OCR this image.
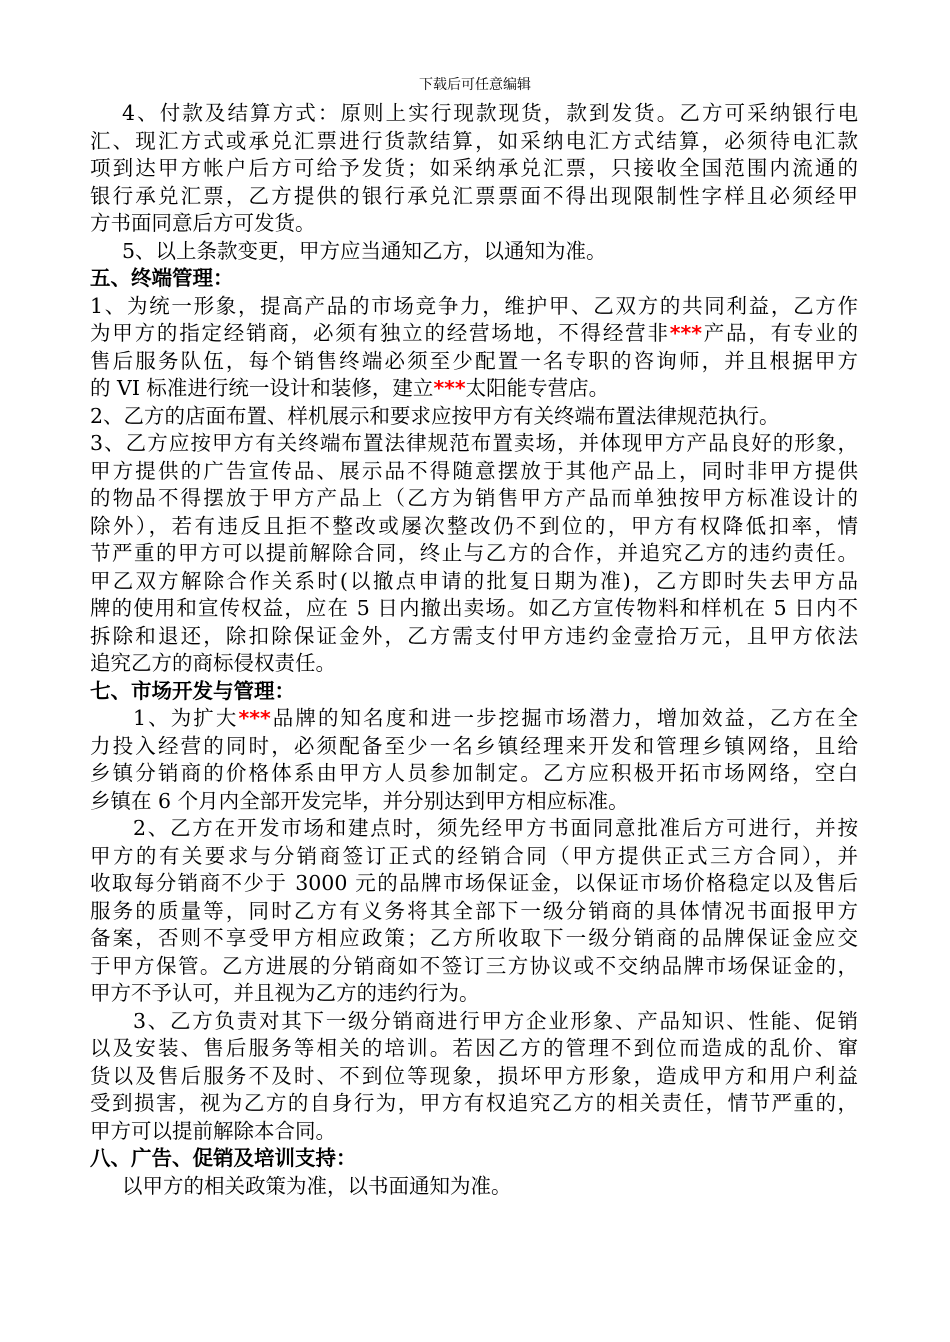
下载后可任意编辑
4、付款及结算方式：原则上实行现款现货，款到发货。乙方可采纳银行电
汇、现汇方式或承兑汇票进行货款结算，如采纳电汇方式结算，必须待电汇款
项到达甲方帐户后方可给予发货；如采纳承兑汇票，只接收全国范围内流通的
银行承兑汇票，乙方提供的银行承兑汇票票面不得出现限制性字样且必须经甲
方书面同意后方可发货。
5、以上条款变更，甲方应当通知乙方，以通知为准。
五、终端管理：
1、为统一形象，提高产品的市场竞争力，维护甲、乙双方的共同利益，乙方作
为甲方的指定经销商，必须有独立的经营场地，不得经营非***产品，有专业的
售后服务队伍，每个销售终端必须至少配置一名专职的咨询师，并且根据甲方
的 VI 标准进行统一设计和装修，建立***太阳能专营店。
2、乙方的店面布置、样机展示和要求应按甲方有关终端布置法律规范执行。
3、乙方应按甲方有关终端布置法律规范布置卖场，并体现甲方产品良好的形象，
甲方提供的广告宣传品、展示品不得随意摆放于其他产品上，同时非甲方提供
的物品不得摆放于甲方产品上（乙方为销售甲方产品而单独按甲方标准设计的
除外），若有违反且拒不整改或屡次整改仍不到位的，甲方有权降低扣率，情
节严重的甲方可以提前解除合同，终止与乙方的合作，并追究乙方的违约责任。
甲乙双方解除合作关系时(以撤点申请的批复日期为准)，乙方即时失去甲方品
牌的使用和宣传权益，应在 5 日内撤出卖场。如乙方宣传物料和样机在 5 日内不
拆除和退还，除扣除保证金外，乙方需支付甲方违约金壹拾万元，且甲方依法
追究乙方的商标侵权责任。
七、市场开发与管理：
1、为扩大***品牌的知名度和进一步挖掘市场潜力，增加效益，乙方在全
力投入经营的同时，必须配备至少一名乡镇经理来开发和管理乡镇网络，且给
乡镇分销商的价格体系由甲方人员参加制定。乙方应积极开拓市场网络，空白
乡镇在 6 个月内全部开发完毕，并分别达到甲方相应标准。
2、乙方在开发市场和建点时，须先经甲方书面同意批准后方可进行，并按
甲方的有关要求与分销商签订正式的经销合同（甲方提供正式三方合同），并
收取每分销商不少于 3000 元的品牌市场保证金，以保证市场价格稳定以及售后
服务的质量等，同时乙方有义务将其全部下一级分销商的具体情况书面报甲方
备案，否则不享受甲方相应政策；乙方所收取下一级分销商的品牌保证金应交
于甲方保管。乙方进展的分销商如不签订三方协议或不交纳品牌市场保证金的，
甲方不予认可，并且视为乙方的违约行为。
3、乙方负责对其下一级分销商进行甲方企业形象、产品知识、性能、促销
以及安装、售后服务等相关的培训。若因乙方的管理不到位而造成的乱价、窜
货以及售后服务不及时、不到位等现象，损坏甲方形象，造成甲方和用户利益
受到损害，视为乙方的自身行为，甲方有权追究乙方的相关责任，情节严重的，
甲方可以提前解除本合同。
八、广告、促销及培训支持：
以甲方的相关政策为准，以书面通知为准。
